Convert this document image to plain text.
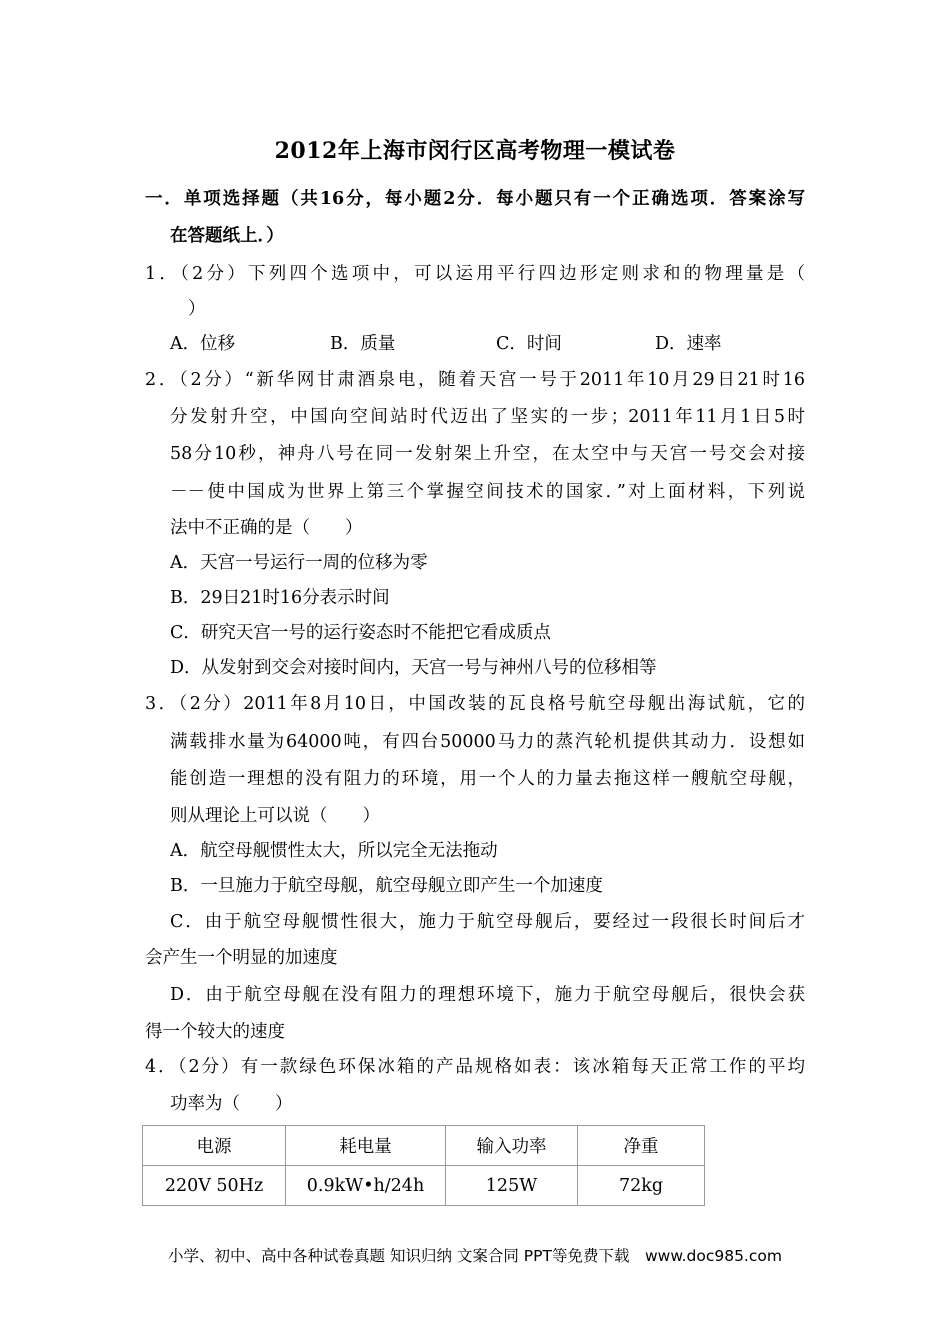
2012年上海市闵行区高考物理一模试卷
一．单项选择题（共16分，每小题2分．每小题只有一个正确选项．答案涂写
在答题纸上．）
1．（2分）下列四个选项中，可以运用平行四边形定则求和的物理量是（
）
A．位移	B．质量	C．时间	D．速率
2．（2分）“新华网甘肃酒泉电，随着天宫一号于2011年10月29日21时16
分发射升空，中国向空间站时代迈出了坚实的一步；2011年11月1日5时
58分10秒，神舟八号在同一发射架上升空，在太空中与天宫一号交会对接
－－使中国成为世界上第三个掌握空间技术的国家．”对上面材料，下列说
法中不正确的是（　　）
A．天宫一号运行一周的位移为零
B．29日21时16分表示时间
C．研究天宫一号的运行姿态时不能把它看成质点
D．从发射到交会对接时间内，天宫一号与神州八号的位移相等
3．（2分）2011年8月10日，中国改装的瓦良格号航空母舰出海试航，它的
满载排水量为64000吨，有四台50000马力的蒸汽轮机提供其动力．设想如
能创造一理想的没有阻力的环境，用一个人的力量去拖这样一艘航空母舰，
则从理论上可以说（　　）
A．航空母舰惯性太大，所以完全无法拖动
B．一旦施力于航空母舰，航空母舰立即产生一个加速度
C．由于航空母舰惯性很大，施力于航空母舰后，要经过一段很长时间后才
会产生一个明显的加速度
D．由于航空母舰在没有阻力的理想环境下，施力于航空母舰后，很快会获
得一个较大的速度
4．（2分）有一款绿色环保冰箱的产品规格如表：该冰箱每天正常工作的平均
功率为（　　）
电源	耗电量	输入功率	净重
220V 50Hz	0.9kW•h/24h	125W	72kg
小学、初中、高中各种试卷真题 知识归纳 文案合同 PPT等免费下载　www.doc985.com
